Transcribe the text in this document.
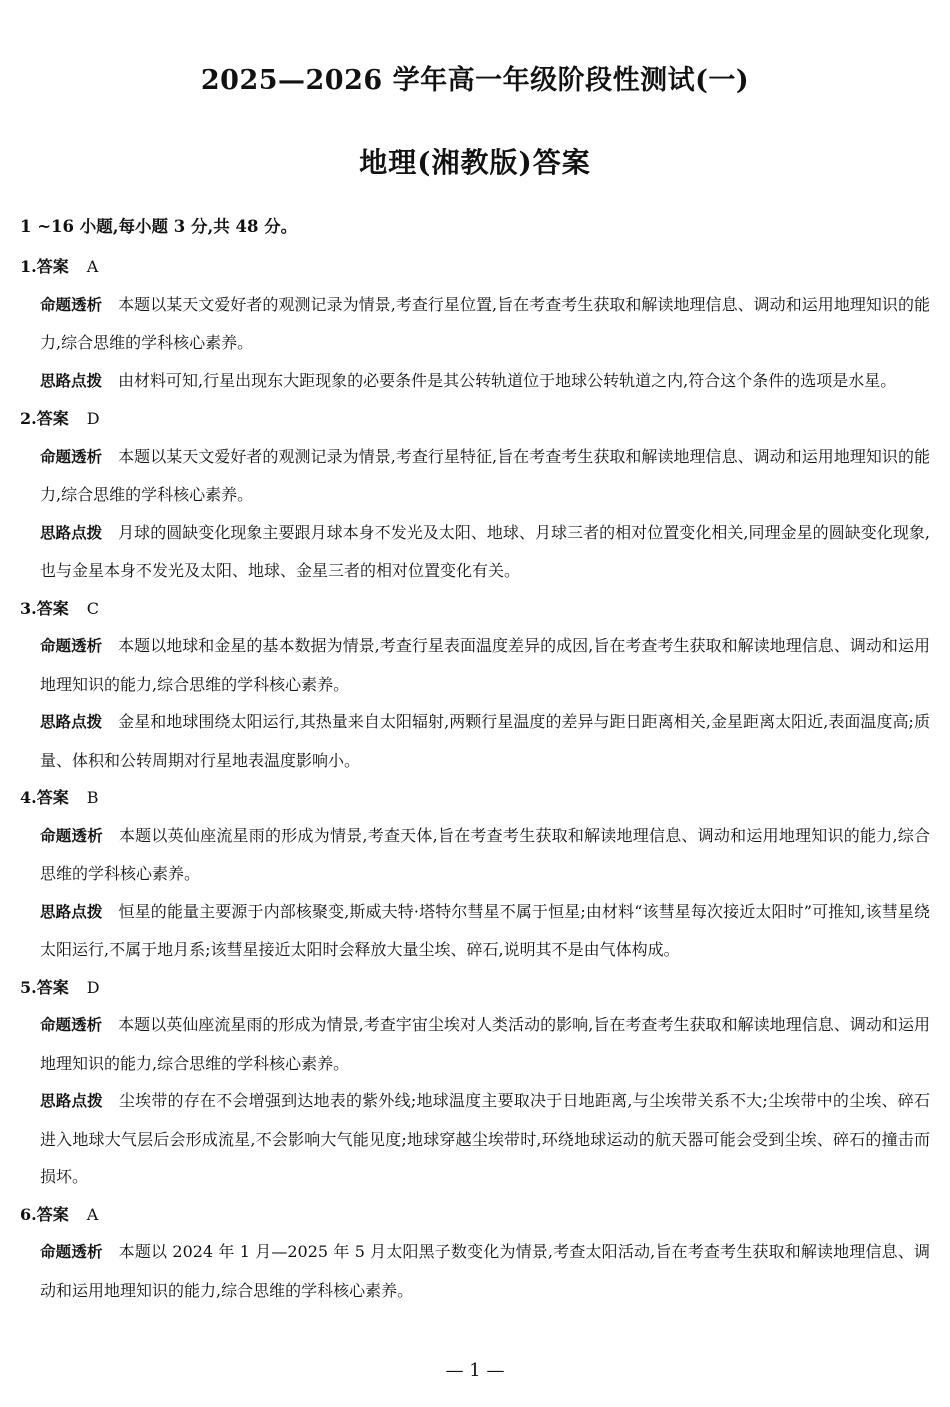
2025—2026 学年高一年级阶段性测试(一)
地理(湘教版)答案
1 ~16 小题,每小题 3 分,共 48 分。
1.答案 A
命题透析 本题以某天文爱好者的观测记录为情景,考查行星位置,旨在考查考生获取和解读地理信息、调动和运用地理知识的能力,综合思维的学科核心素养。
思路点拨 由材料可知,行星出现东大距现象的必要条件是其公转轨道位于地球公转轨道之内,符合这个条件的选项是水星。
2.答案 D
命题透析 本题以某天文爱好者的观测记录为情景,考查行星特征,旨在考查考生获取和解读地理信息、调动和运用地理知识的能力,综合思维的学科核心素养。
思路点拨 月球的圆缺变化现象主要跟月球本身不发光及太阳、地球、月球三者的相对位置变化相关,同理金星的圆缺变化现象,也与金星本身不发光及太阳、地球、金星三者的相对位置变化有关。
3.答案 C
命题透析 本题以地球和金星的基本数据为情景,考查行星表面温度差异的成因,旨在考查考生获取和解读地理信息、调动和运用地理知识的能力,综合思维的学科核心素养。
思路点拨 金星和地球围绕太阳运行,其热量来自太阳辐射,两颗行星温度的差异与距日距离相关,金星距离太阳近,表面温度高;质量、体积和公转周期对行星地表温度影响小。
4.答案 B
命题透析 本题以英仙座流星雨的形成为情景,考查天体,旨在考查考生获取和解读地理信息、调动和运用地理知识的能力,综合思维的学科核心素养。
思路点拨 恒星的能量主要源于内部核聚变,斯威夫特·塔特尔彗星不属于恒星;由材料“该彗星每次接近太阳时”可推知,该彗星绕太阳运行,不属于地月系;该彗星接近太阳时会释放大量尘埃、碎石,说明其不是由气体构成。
5.答案 D
命题透析 本题以英仙座流星雨的形成为情景,考查宇宙尘埃对人类活动的影响,旨在考查考生获取和解读地理信息、调动和运用地理知识的能力,综合思维的学科核心素养。
思路点拨 尘埃带的存在不会增强到达地表的紫外线;地球温度主要取决于日地距离,与尘埃带关系不大;尘埃带中的尘埃、碎石进入地球大气层后会形成流星,不会影响大气能见度;地球穿越尘埃带时,环绕地球运动的航天器可能会受到尘埃、碎石的撞击而损坏。
6.答案 A
命题透析 本题以 2024 年 1 月—2025 年 5 月太阳黑子数变化为情景,考查太阳活动,旨在考查考生获取和解读地理信息、调动和运用地理知识的能力,综合思维的学科核心素养。
— 1 —
